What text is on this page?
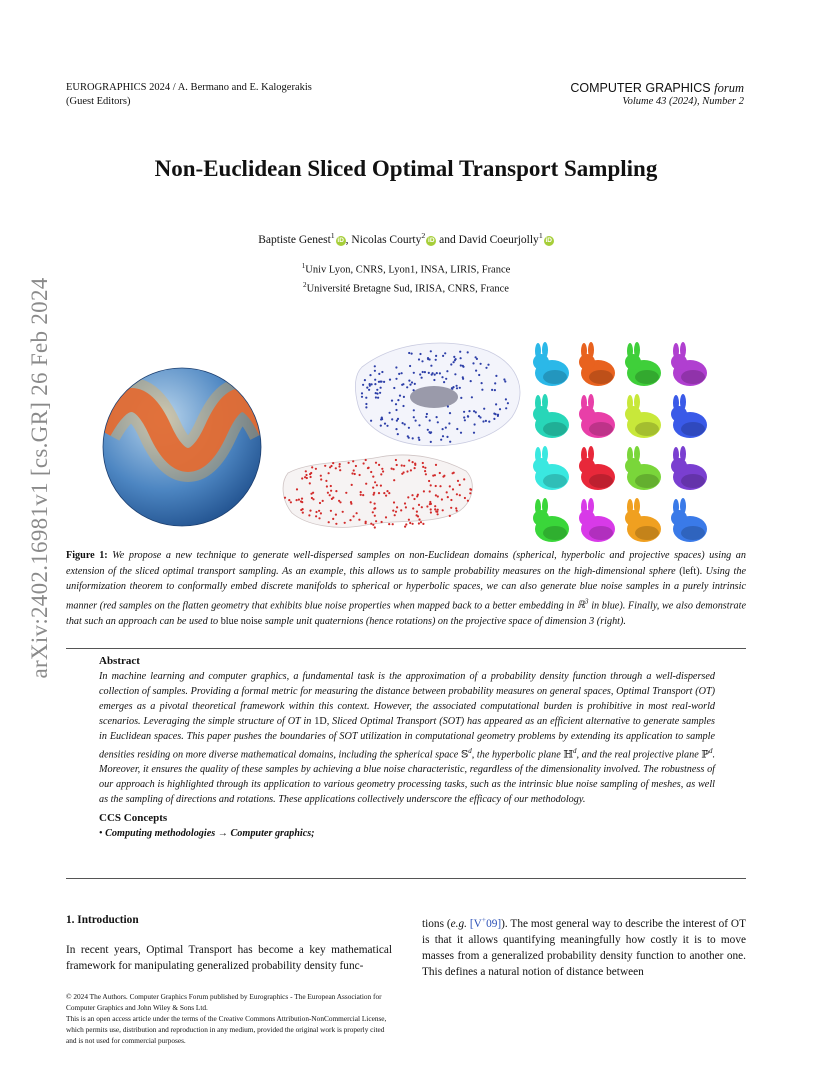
arXiv:2402.16981v1 [cs.GR] 26 Feb 2024
EUROGRAPHICS 2024 / A. Bermano and E. Kalogerakis
(Guest Editors)
COMPUTER GRAPHICS forum
Volume 43 (2024), Number 2
Non-Euclidean Sliced Optimal Transport Sampling
Baptiste Genest$^1$iD , Nicolas Courty$^2$iD and David Coeurjolly$^1$iD
$^1$Univ Lyon, CNRS, Lyon1, INSA, LIRIS, France
$^2$Université Bretagne Sud, IRISA, CNRS, France
Figure 1: We propose a new technique to generate well-dispersed samples on non-Euclidean domains (spherical, hyperbolic and projective spaces) using an extension of the sliced optimal transport sampling. As an example, this allows us to sample probability measures on the high-dimensional sphere (left). Using the uniformization theorem to conformally embed discrete manifolds to spherical or hyperbolic spaces, we can also generate blue noise samples in a purely intrinsic manner (red samples on the flatten geometry that exhibits blue noise properties when mapped back to a better embedding in ℝ$^3$ in blue). Finally, we also demonstrate that such an approach can be used to blue noise sample unit quaternions (hence rotations) on the projective space of dimension 3 (right).
Abstract
In machine learning and computer graphics, a fundamental task is the approximation of a probability density function through a well-dispersed collection of samples. Providing a formal metric for measuring the distance between probability measures on general spaces, Optimal Transport (OT) emerges as a pivotal theoretical framework within this context. However, the associated computational burden is prohibitive in most real-world scenarios. Leveraging the simple structure of OT in 1D, Sliced Optimal Transport (SOT) has appeared as an efficient alternative to generate samples in Euclidean spaces. This paper pushes the boundaries of SOT utilization in computational geometry problems by extending its application to sample densities residing on more diverse mathematical domains, including the spherical space 𝕊$^d$, the hyperbolic plane ℍ$^d$, and the real projective plane ℙ$^d$. Moreover, it ensures the quality of these samples by achieving a blue noise characteristic, regardless of the dimensionality involved. The robustness of our approach is highlighted through its application to various geometry processing tasks, such as the intrinsic blue noise sampling of meshes, as well as the sampling of directions and rotations. These applications collectively underscore the efficacy of our methodology.
CCS Concepts
• Computing methodologies → Computer graphics;
1. Introduction
In recent years, Optimal Transport has become a key mathematical framework for manipulating generalized probability density func-
tions (e.g. [V+09]). The most general way to describe the interest of OT is that it allows quantifying meaningfully how costly it is to move masses from a generalized probability density function to another one. This defines a natural notion of distance between
© 2024 The Authors. Computer Graphics Forum published by Eurographics - The European Association for Computer Graphics and John Wiley & Sons Ltd.
This is an open access article under the terms of the Creative Commons Attribution-NonCommercial License, which permits use, distribution and reproduction in any medium, provided the original work is properly cited and is not used for commercial purposes.
